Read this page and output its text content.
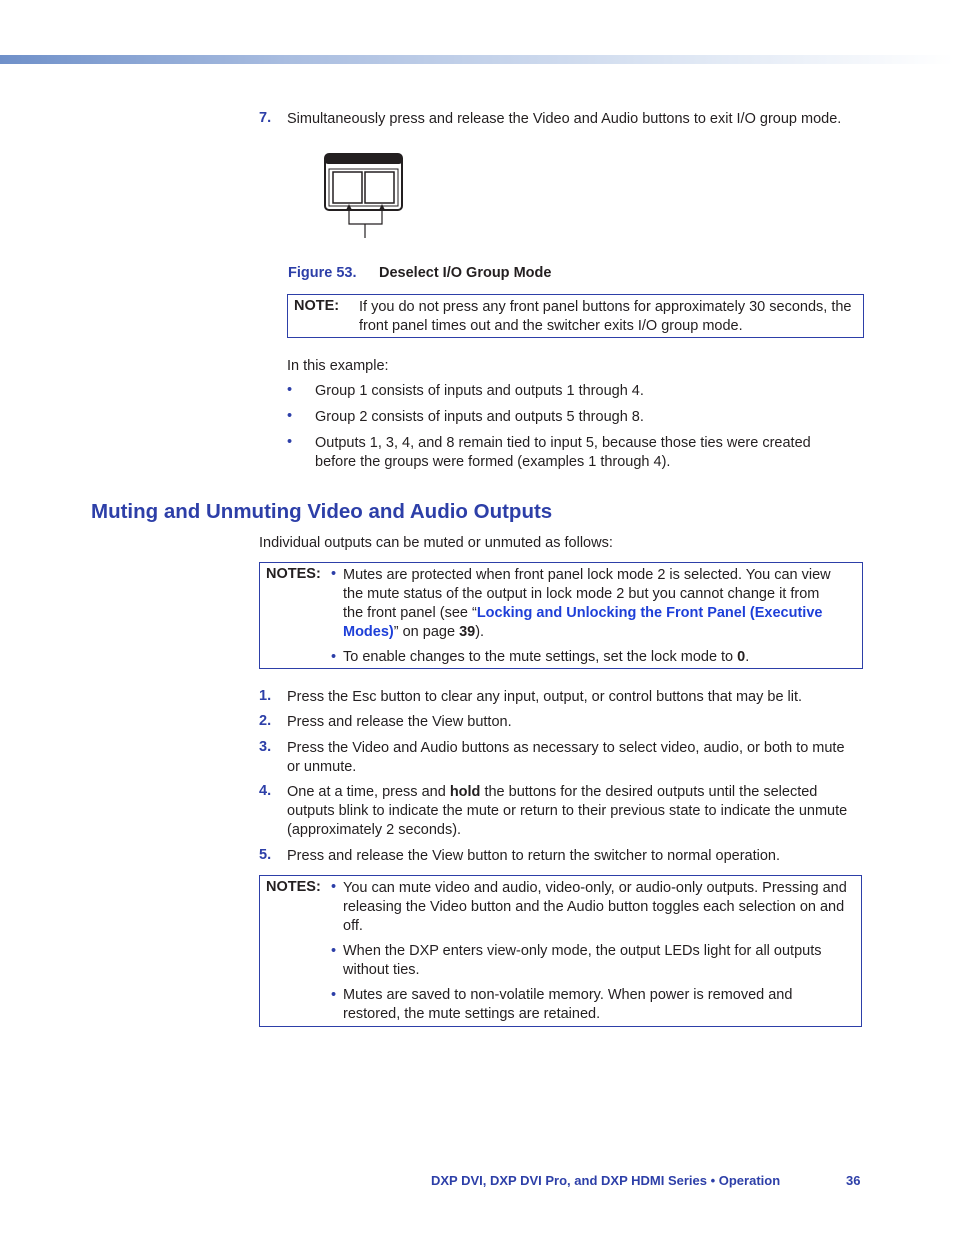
7. Simultaneously press and release the Video and Audio buttons to exit I/O group mode.
Figure 53. Deselect I/O Group Mode
NOTE: If you do not press any front panel buttons for approximately 30 seconds, the front panel times out and the switcher exits I/O group mode.
In this example:
• Group 1 consists of inputs and outputs 1 through 4.
• Group 2 consists of inputs and outputs 5 through 8.
• Outputs 1, 3, 4, and 8 remain tied to input 5, because those ties were created before the groups were formed (examples 1 through 4).
Muting and Unmuting Video and Audio Outputs
Individual outputs can be muted or unmuted as follows:
NOTES: • Mutes are protected when front panel lock mode 2 is selected. You can view the mute status of the output in lock mode 2 but you cannot change it from the front panel (see “Locking and Unlocking the Front Panel (Executive Modes)” on page 39).
• To enable changes to the mute settings, set the lock mode to 0.
1. Press the Esc button to clear any input, output, or control buttons that may be lit.
2. Press and release the View button.
3. Press the Video and Audio buttons as necessary to select video, audio, or both to mute or unmute.
4. One at a time, press and hold the buttons for the desired outputs until the selected outputs blink to indicate the mute or return to their previous state to indicate the unmute (approximately 2 seconds).
5. Press and release the View button to return the switcher to normal operation.
NOTES: • You can mute video and audio, video-only, or audio-only outputs. Pressing and releasing the Video button and the Audio button toggles each selection on and off.
• When the DXP enters view-only mode, the output LEDs light for all outputs without ties.
• Mutes are saved to non-volatile memory. When power is removed and restored, the mute settings are retained.
DXP DVI, DXP DVI Pro, and DXP HDMI Series • Operation	36
